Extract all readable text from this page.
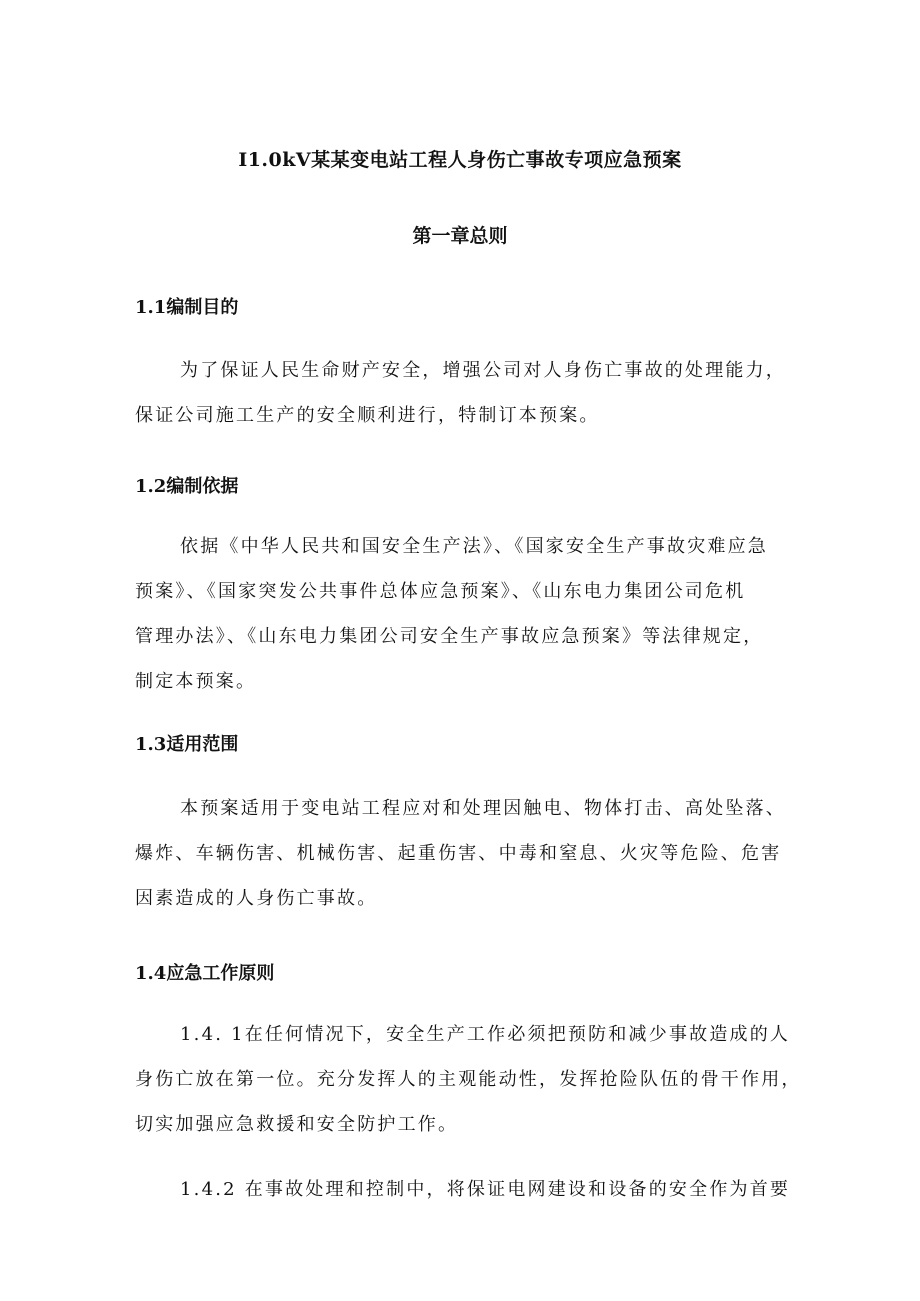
I1.0kV某某变电站工程人身伤亡事故专项应急预案
第一章总则
1.1编制目的
为了保证人民生命财产安全，增强公司对人身伤亡事故的处理能力，
保证公司施工生产的安全顺利进行，特制订本预案。
1.2编制依据
依据《中华人民共和国安全生产法》、《国家安全生产事故灾难应急
预案》、《国家突发公共事件总体应急预案》、《山东电力集团公司危机
管理办法》、《山东电力集团公司安全生产事故应急预案》等法律规定，
制定本预案。
1.3适用范围
本预案适用于变电站工程应对和处理因触电、物体打击、高处坠落、
爆炸、车辆伤害、机械伤害、起重伤害、中毒和窒息、火灾等危险、危害
因素造成的人身伤亡事故。
1.4应急工作原则
1.4. 1在任何情况下，安全生产工作必须把预防和减少事故造成的人
身伤亡放在第一位。充分发挥人的主观能动性，发挥抢险队伍的骨干作用，
切实加强应急救援和安全防护工作。
1.4.2 在事故处理和控制中，将保证电网建设和设备的安全作为首要
